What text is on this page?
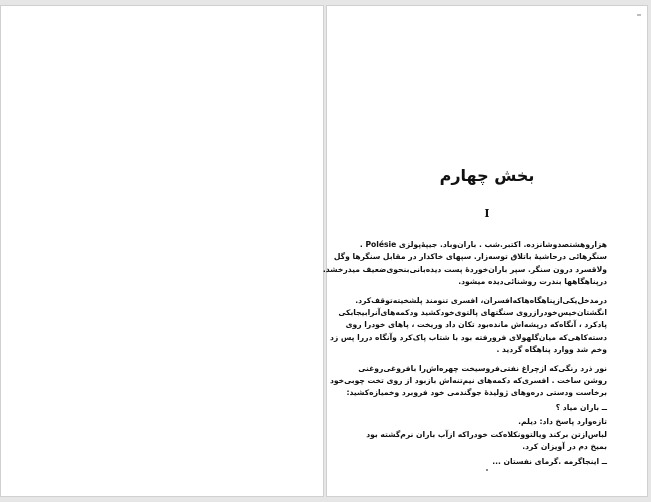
بخش چهارم
I

هزاروهشتصدوشانزده. اکتبر.شب . باران‌وباد. جیپهٔ‌پولزی Polésie .
سنگرهائی درحاشیهٔ باتلاق توسه‌زار. سپهای خاکدار در مقابل سنگرها وگل
ولاقسرد درون سنگر. سپر باران‌خوردهٔ پست دیده‌بانی‌بنحوی‌ضعیف میدرخشد.
درپناهگاهها بندرت روشنائی‌دیده میشود.

درمدخل‌یکی‌ازپناهگاه‌هاکه‌افسران، افسری تنومند پلشخیته‌توقف‌کرد.
انگشتان‌خیس‌خودرازروی سنگتهای پالتوی‌خودکشید ودکمه‌های‌آنرابیجابکی
پادکرد ، آنگاه‌که درپشه‌اش مانده‌بود تکان داد وریخت ، پاهای خودرا روی
دسته‌کاهی‌که میان‌گلهولای فرورفته بود با شتاب پاک‌کرد و‌آنگاه دررا پس زد
وخم شد ووارد پناهگاه گردید .

نور ذرد رنگی‌که ازچراغ نفتی‌فروسیخت چهره‌اش‌را بافروغی‌روغنی
روشن ساخت . افسری‌که دکمه‌های نیم‌تنه‌اش بازبود از روی تخت چوبی‌خود
برخاست ودستی دره‌وهای ژولیدهٔ جوگندمی خود فروبرد وخمیازه‌کشید:

ــ باران میاد ؟

تازه‌وارد پاسخ داد: دیلم.
لباس‌ازتن برکند ویالتوونکلاه‌کت خودراکه ازآب باران نرم‌گشته بود
بمیخ دم در آویزان کرد.

ــ اینجاگرمه .گرمای نفستان ...
